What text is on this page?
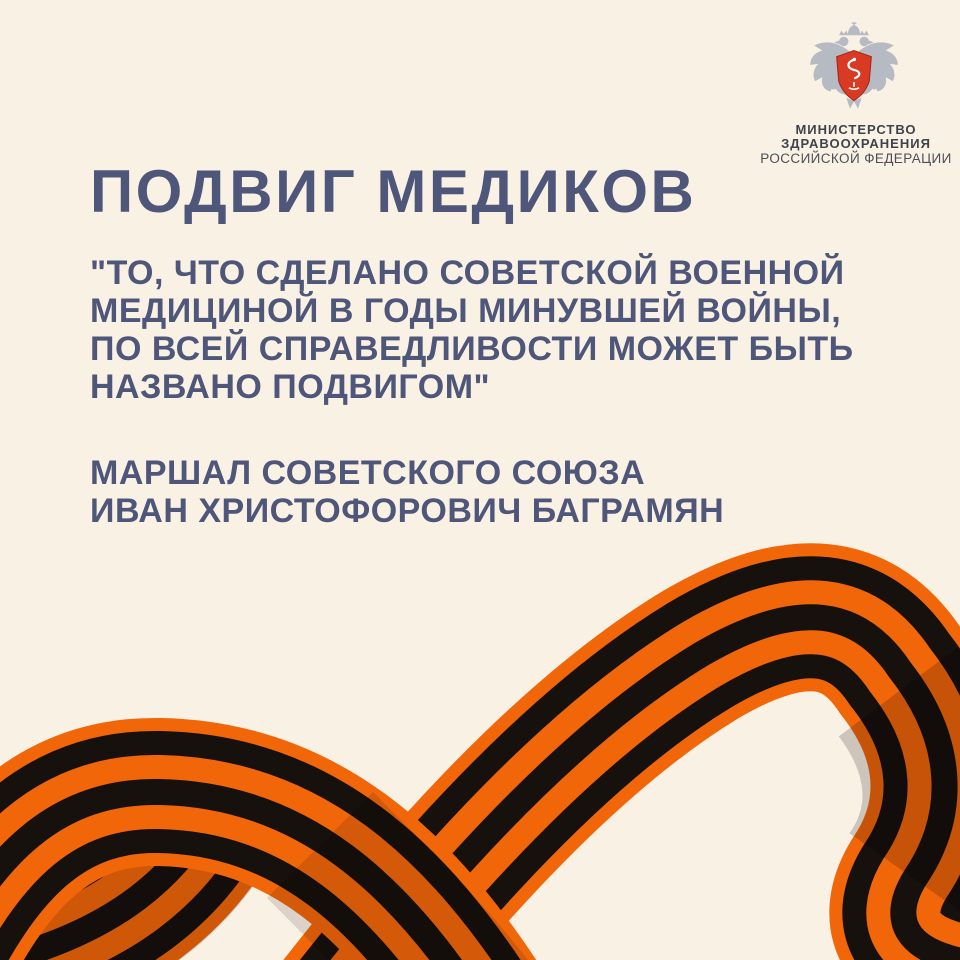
МИНИСТЕРСТВО
ЗДРАВООХРАНЕНИЯ
РОССИЙСКОЙ ФЕДЕРАЦИИ
ПОДВИГ МЕДИКОВ
"ТО, ЧТО СДЕЛАНО СОВЕТСКОЙ ВОЕННОЙ
МЕДИЦИНОЙ В ГОДЫ МИНУВШЕЙ ВОЙНЫ,
ПО ВСЕЙ СПРАВЕДЛИВОСТИ МОЖЕТ БЫТЬ
НАЗВАНО ПОДВИГОМ"
МАРШАЛ СОВЕТСКОГО СОЮЗА
ИВАН ХРИСТОФОРОВИЧ БАГРАМЯН
